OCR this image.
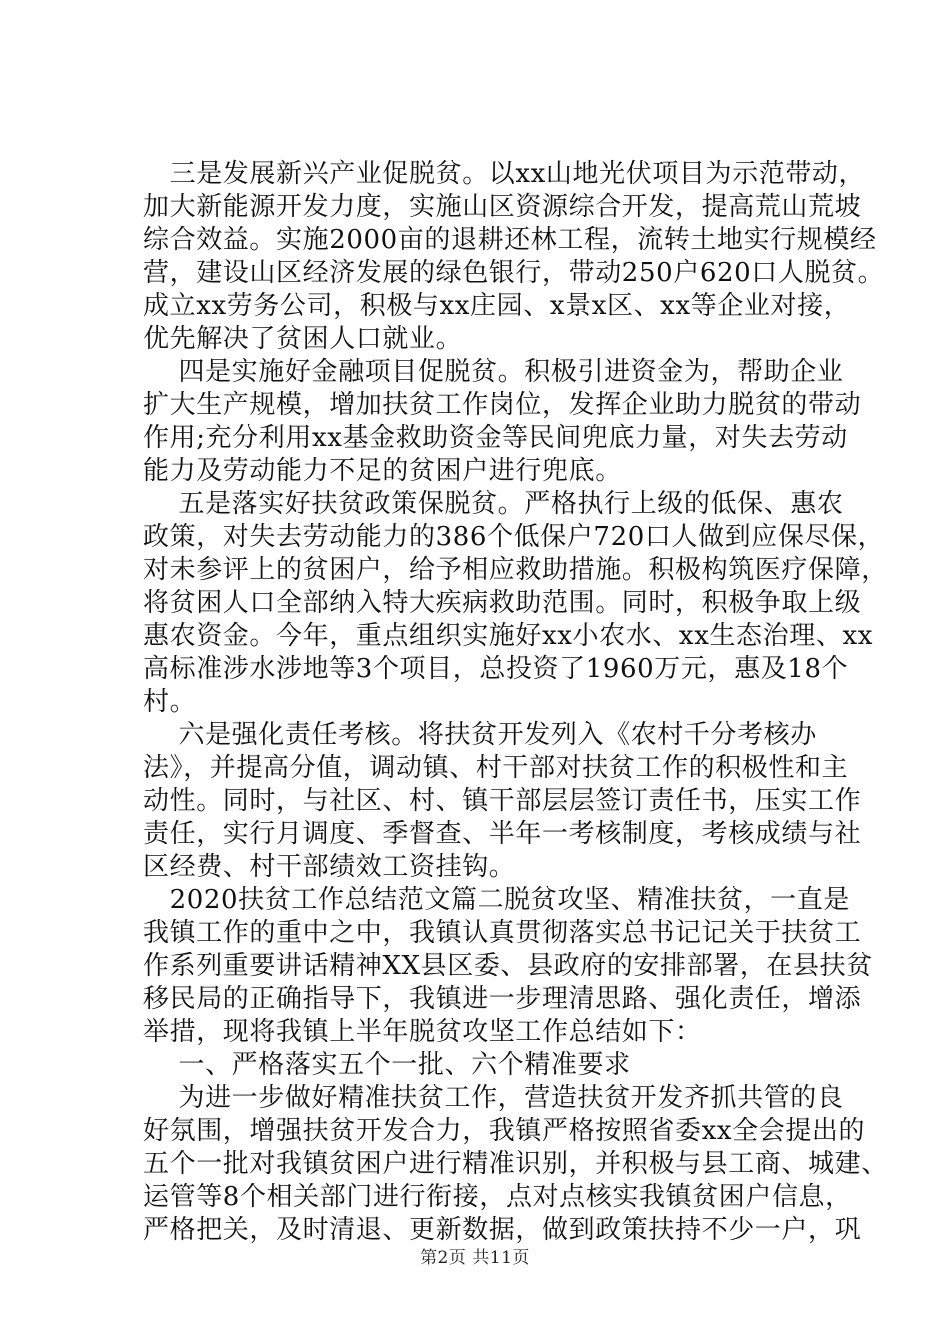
　三是发展新兴产业促脱贫。以xx山地光伏项目为示范带动，
加大新能源开发力度，实施山区资源综合开发，提高荒山荒坡
综合效益。实施2000亩的退耕还林工程，流转土地实行规模经
营，建设山区经济发展的绿色银行，带动250户620口人脱贫。
成立xx劳务公司，积极与xx庄园、x景x区、xx等企业对接，
优先解决了贫困人口就业。
　 四是实施好金融项目促脱贫。积极引进资金为，帮助企业
扩大生产规模，增加扶贫工作岗位，发挥企业助力脱贫的带动
作用;充分利用xx基金救助资金等民间兜底力量，对失去劳动
能力及劳动能力不足的贫困户进行兜底。
　 五是落实好扶贫政策保脱贫。严格执行上级的低保、惠农
政策，对失去劳动能力的386个低保户720口人做到应保尽保，
对未参评上的贫困户，给予相应救助措施。积极构筑医疗保障，
将贫困人口全部纳入特大疾病救助范围。同时，积极争取上级
惠农资金。今年，重点组织实施好xx小农水、xx生态治理、xx
高标准涉水涉地等3个项目，总投资了1960万元，惠及18个
村。
　 六是强化责任考核。将扶贫开发列入《农村千分考核办
法》，并提高分值，调动镇、村干部对扶贫工作的积极性和主
动性。同时，与社区、村、镇干部层层签订责任书，压实工作
责任，实行月调度、季督查、半年一考核制度，考核成绩与社
区经费、村干部绩效工资挂钩。
　2020扶贫工作总结范文篇二脱贫攻坚、精准扶贫，一直是
我镇工作的重中之中，我镇认真贯彻落实总书记记关于扶贫工
作系列重要讲话精神XX县区委、县政府的安排部署，在县扶贫
移民局的正确指导下，我镇进一步理清思路、强化责任，增添
举措，现将我镇上半年脱贫攻坚工作总结如下：
　 一、严格落实五个一批、六个精准要求
　 为进一步做好精准扶贫工作，营造扶贫开发齐抓共管的良
好氛围，增强扶贫开发合力，我镇严格按照省委xx全会提出的
五个一批对我镇贫困户进行精准识别，并积极与县工商、城建、
运管等8个相关部门进行衔接，点对点核实我镇贫困户信息，
严格把关，及时清退、更新数据，做到政策扶持不少一户，巩
第2页 共11页
